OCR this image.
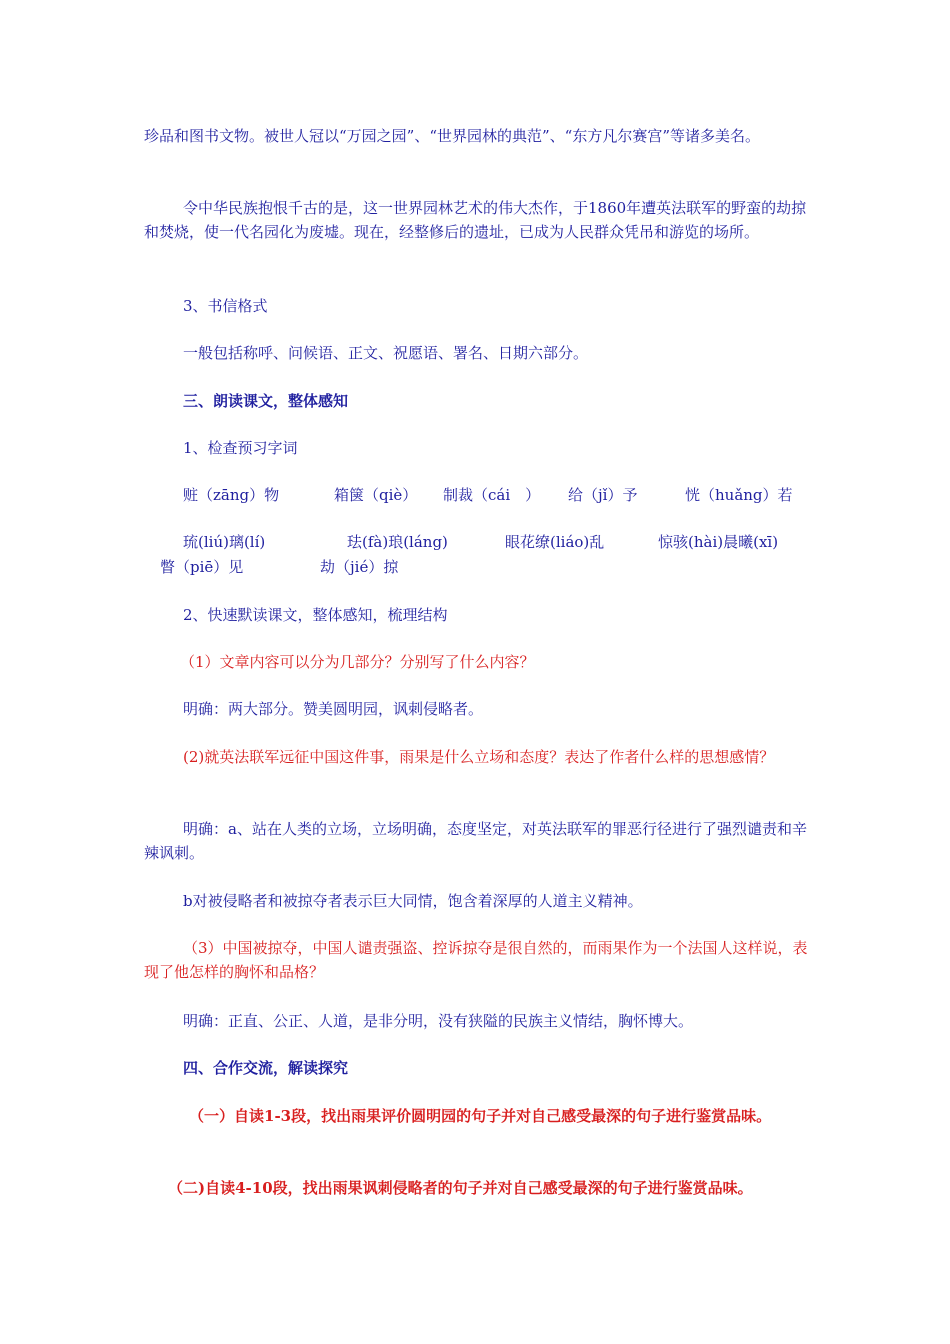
珍品和图书文物。被世人冠以“万园之园”、“世界园林的典范”、“东方凡尔赛宫”等诸多美名。
令中华民族抱恨千古的是，这一世界园林艺术的伟大杰作，于1860年遭英法联军的野蛮的劫掠和焚烧，使一代名园化为废墟。现在，经整修后的遗址，已成为人民群众凭吊和游览的场所。
3、书信格式
一般包括称呼、问候语、正文、祝愿语、署名、日期六部分。
三、朗读课文，整体感知
1、检查预习字词
赃（zāng）物	箱箧（qiè） 制裁（cái　） 给（jǐ）予	恍（huǎng）若
琉(liú)璃(lí)	珐(fà)琅(láng)	眼花缭(liáo)乱	惊骇(hài)晨曦(xī)
瞥（piē）见	劫（jié）掠
2、快速默读课文，整体感知，梳理结构
（1）文章内容可以分为几部分？分别写了什么内容？
明确：两大部分。赞美圆明园，讽刺侵略者。
(2)就英法联军远征中国这件事，雨果是什么立场和态度？表达了作者什么样的思想感情？
明确：a、站在人类的立场，立场明确，态度坚定，对英法联军的罪恶行径进行了强烈谴责和辛辣讽刺。
b对被侵略者和被掠夺者表示巨大同情，饱含着深厚的人道主义精神。
（3）中国被掠夺，中国人谴责强盗、控诉掠夺是很自然的，而雨果作为一个法国人这样说，表现了他怎样的胸怀和品格？
明确：正直、公正、人道，是非分明，没有狭隘的民族主义情结，胸怀博大。
四、合作交流，解读探究
（一）自读1-3段，找出雨果评价圆明园的句子并对自己感受最深的句子进行鉴赏品味。
（二)自读4-10段，找出雨果讽刺侵略者的句子并对自己感受最深的句子进行鉴赏品味。
